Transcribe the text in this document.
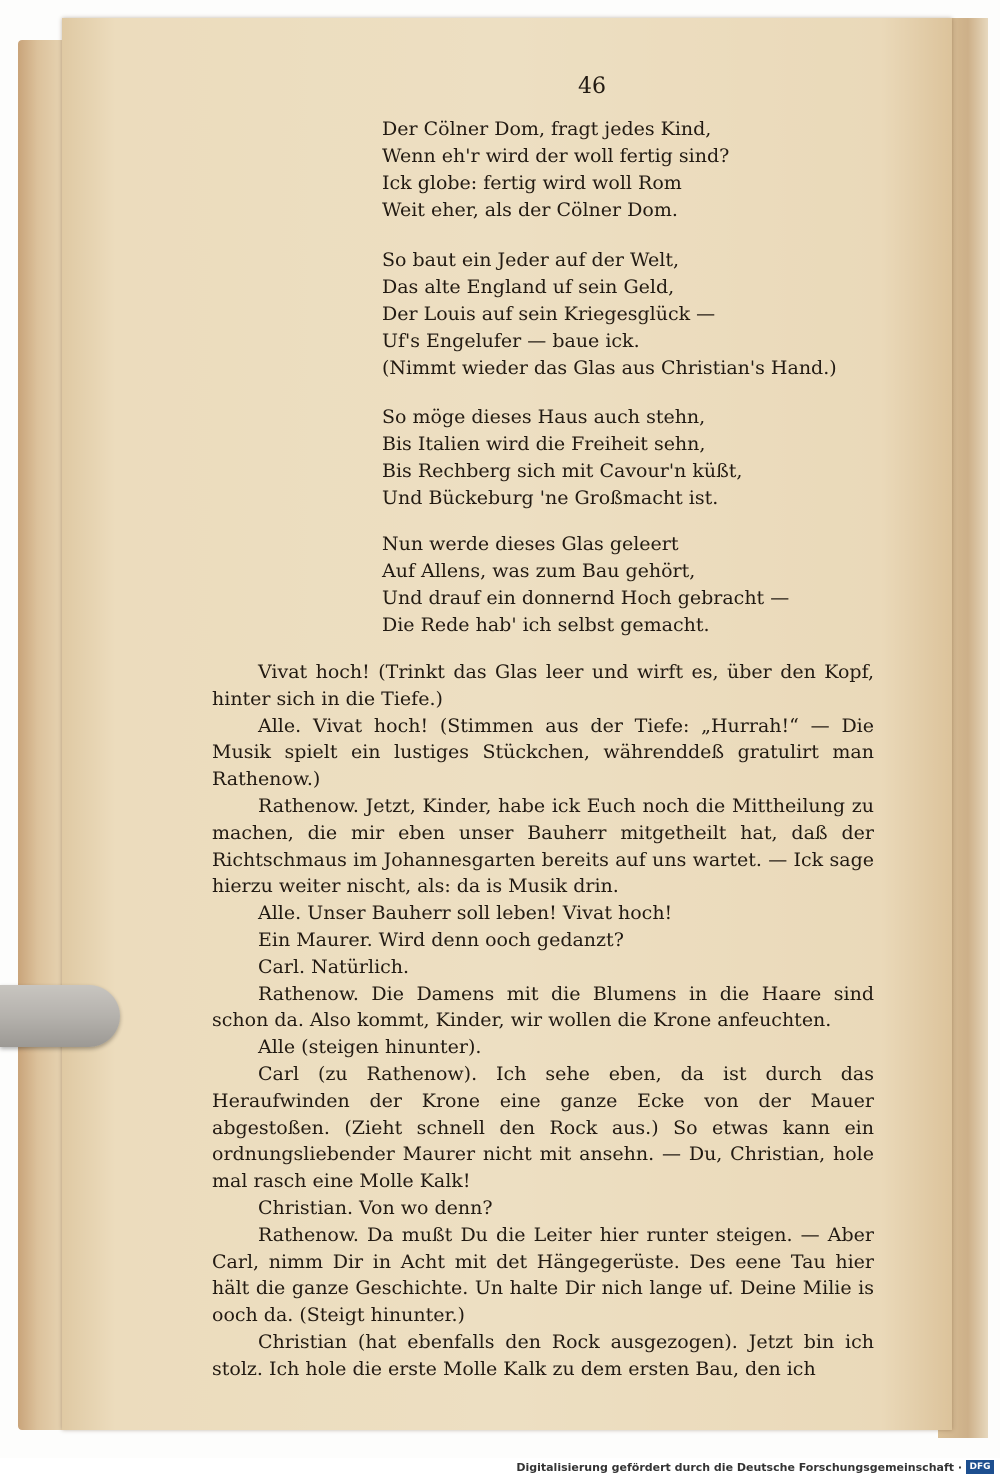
46
Der Cölner Dom, fragt jedes Kind,
Wenn eh'r wird der woll fertig sind?
Ick globe: fertig wird woll Rom
Weit eher, als der Cölner Dom.
So baut ein Jeder auf der Welt,
Das alte England uf sein Geld,
Der Louis auf sein Kriegesglück —
Uf's Engelufer — baue ick.
(Nimmt wieder das Glas aus Christian's Hand.)
So möge dieses Haus auch stehn,
Bis Italien wird die Freiheit sehn,
Bis Rechberg sich mit Cavour'n küßt,
Und Bückeburg 'ne Großmacht ist.
Nun werde dieses Glas geleert
Auf Allens, was zum Bau gehört,
Und drauf ein donnernd Hoch gebracht —
Die Rede hab' ich selbst gemacht.

Vivat hoch! (Trinkt das Glas leer und wirft es, über den Kopf, hinter sich in die Tiefe.)

Alle. Vivat hoch! (Stimmen aus der Tiefe: „Hurrah!“ — Die Musik spielt ein lustiges Stückchen, währenddeß gratulirt man Rathenow.)

Rathenow. Jetzt, Kinder, habe ick Euch noch die Mittheilung zu machen, die mir eben unser Bauherr mitgetheilt hat, daß der Richtschmaus im Johannesgarten bereits auf uns wartet. — Ick sage hierzu weiter nischt, als: da is Musik drin.

Alle. Unser Bauherr soll leben! Vivat hoch!

Ein Maurer. Wird denn ooch gedanzt?

Carl. Natürlich.

Rathenow. Die Damens mit die Blumens in die Haare sind schon da. Also kommt, Kinder, wir wollen die Krone anfeuchten.

Alle (steigen hinunter).

Carl (zu Rathenow). Ich sehe eben, da ist durch das Heraufwinden der Krone eine ganze Ecke von der Mauer abgestoßen. (Zieht schnell den Rock aus.) So etwas kann ein ordnungsliebender Maurer nicht mit ansehn. — Du, Christian, hole mal rasch eine Molle Kalk!

Christian. Von wo denn?

Rathenow. Da mußt Du die Leiter hier runter steigen. — Aber Carl, nimm Dir in Acht mit det Hängegerüste. Des eene Tau hier hält die ganze Geschichte. Un halte Dir nich lange uf. Deine Milie is ooch da. (Steigt hinunter.)

Christian (hat ebenfalls den Rock ausgezogen). Jetzt bin ich stolz. Ich hole die erste Molle Kalk zu dem ersten Bau, den ich

Digitalisierung gefördert durch die Deutsche Forschungsgemeinschaft · DFG
